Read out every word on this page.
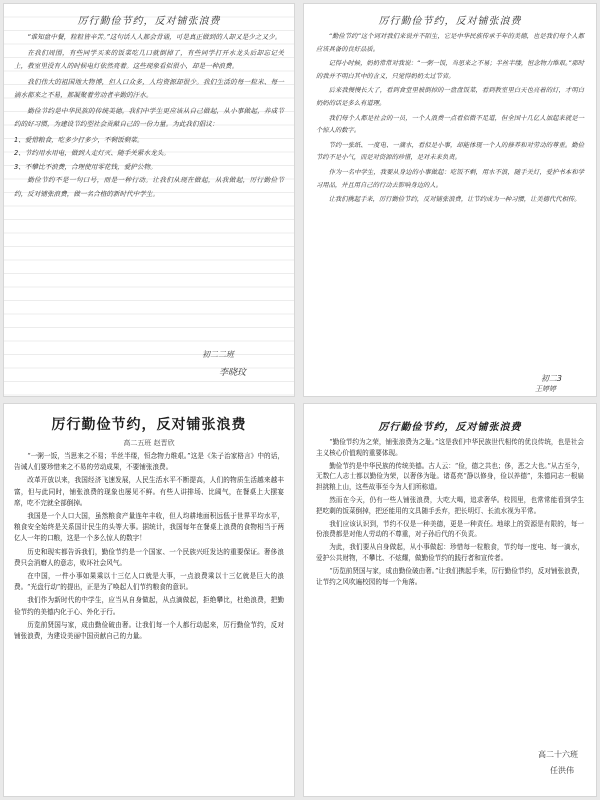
厉行勤俭节约，反对铺张浪费

“谁知盘中餐，粒粒皆辛苦。”这句话人人都会背诵，可是真正做到的人却又是少之又少。

在我们周围，有些同学买来的饭菜吃几口就倒掉了，有些同学打开水龙头后却忘记关上，教室里没有人的时候电灯依然亮着。这些现象看似很小，却是一种浪费。

我们伟大的祖国地大物博，但人口众多，人均资源却很少。我们生活的每一粒米、每一滴水都来之不易，都凝聚着劳动者辛勤的汗水。

勤俭节约是中华民族的传统美德，我们中学生更应该从自己做起，从小事做起，养成节约的好习惯，为建设节约型社会贡献自己的一份力量。为此我们倡议：

1、爱惜粮食，吃多少打多少，不剩饭剩菜。

2、节约用水用电，做到人走灯灭、随手关紧水龙头。

3、不攀比不浪费，合理使用零花钱，爱护公物。

勤俭节约不是一句口号，而是一种行动。让我们从现在做起，从我做起，厉行勤俭节约，反对铺张浪费，做一名合格的新时代中学生。

初二二班
李晓玟
厉行勤俭节约，反对铺张浪费

“勤俭节约”这个词对我们来说并不陌生，它是中华民族传承千年的美德，也是我们每个人都应该具备的良好品质。

记得小时候，奶奶常常对我说：“一粥一饭，当思来之不易；半丝半缕，恒念物力维艰。”那时的我并不明白其中的含义，只觉得奶奶太过节省。

后来我慢慢长大了，看到食堂里被倒掉的一盘盘饭菜，看到教室里白天也亮着的灯，才明白奶奶的话是多么有道理。

我们每个人都是社会的一员，一个人浪费一点看似微不足道，但全国十几亿人加起来就是一个惊人的数字。

节约一张纸、一度电、一滴水，看似是小事，却能体现一个人的修养和对劳动的尊重。勤俭节约不是小气，而是对资源的珍惜，是对未来负责。

作为一名中学生，我要从身边的小事做起：吃饭不剩，用水不浪，随手关灯，爱护书本和学习用品，并且用自己的行动去影响身边的人。

让我们携起手来，厉行勤俭节约，反对铺张浪费，让节约成为一种习惯，让美德代代相传。

初二3
王婷婷
厉行勤俭节约，反对铺张浪费
高二五班 赵晋欣

“一粥一饭，当思来之不易；半丝半缕，恒念物力维艰。”这是《朱子治家格言》中的话，告诫人们要珍惜来之不易的劳动成果，不要铺张浪费。

改革开放以来，我国经济飞速发展，人民生活水平不断提高，人们的物质生活越来越丰富，但与此同时，铺张浪费的现象也屡见不鲜。有些人讲排场、比阔气，在餐桌上大摆宴席，吃不完就全部倒掉。

我国是一个人口大国，虽然粮食产量连年丰收，但人均耕地面积远低于世界平均水平，粮食安全始终是关系国计民生的头等大事。据统计，我国每年在餐桌上浪费的食物相当于两亿人一年的口粮，这是一个多么惊人的数字！

历史和现实都告诉我们，勤俭节约是一个国家、一个民族兴旺发达的重要保证。奢侈浪费只会消磨人的意志，败坏社会风气。

在中国，一件小事如果乘以十三亿人口就是大事，一点浪费乘以十三亿就是巨大的浪费。“光盘行动”的提出，正是为了唤起人们节约粮食的意识。

我们作为新时代的中学生，应当从自身做起，从点滴做起，拒绝攀比，杜绝浪费，把勤俭节约的美德内化于心、外化于行。

历览前贤国与家，成由勤俭破由奢。让我们每一个人都行动起来，厉行勤俭节约，反对铺张浪费，为建设美丽中国贡献自己的力量。

厉行勤俭节约，反对铺张浪费

“勤俭节约为之荣，铺张浪费为之耻。”这是我们中华民族世代相传的优良传统，也是社会主义核心价值观的重要体现。

勤俭节约是中华民族的传统美德。古人云：“俭，德之共也；侈，恶之大也。”从古至今，无数仁人志士都以勤俭为荣，以奢侈为耻。诸葛亮“静以修身，俭以养德”，朱德同志一根扁担挑粮上山，这些故事至今为人们所称道。

然而在今天，仍有一些人铺张浪费，大吃大喝，追求奢华。校园里，也常常能看到学生把吃剩的饭菜倒掉，把还能用的文具随手丢弃，把长明灯、长流水视为平常。

我们应该认识到，节约不仅是一种美德，更是一种责任。地球上的资源是有限的，每一份浪费都是对他人劳动的不尊重，对子孙后代的不负责。

为此，我们要从自身做起，从小事做起：珍惜每一粒粮食，节约每一度电、每一滴水，爱护公共财物，不攀比、不炫耀，做勤俭节约的践行者和宣传者。

“历览前贤国与家，成由勤俭破由奢。”让我们携起手来，厉行勤俭节约，反对铺张浪费，让节约之风吹遍校园的每一个角落。

高二十六班
任洪伟
